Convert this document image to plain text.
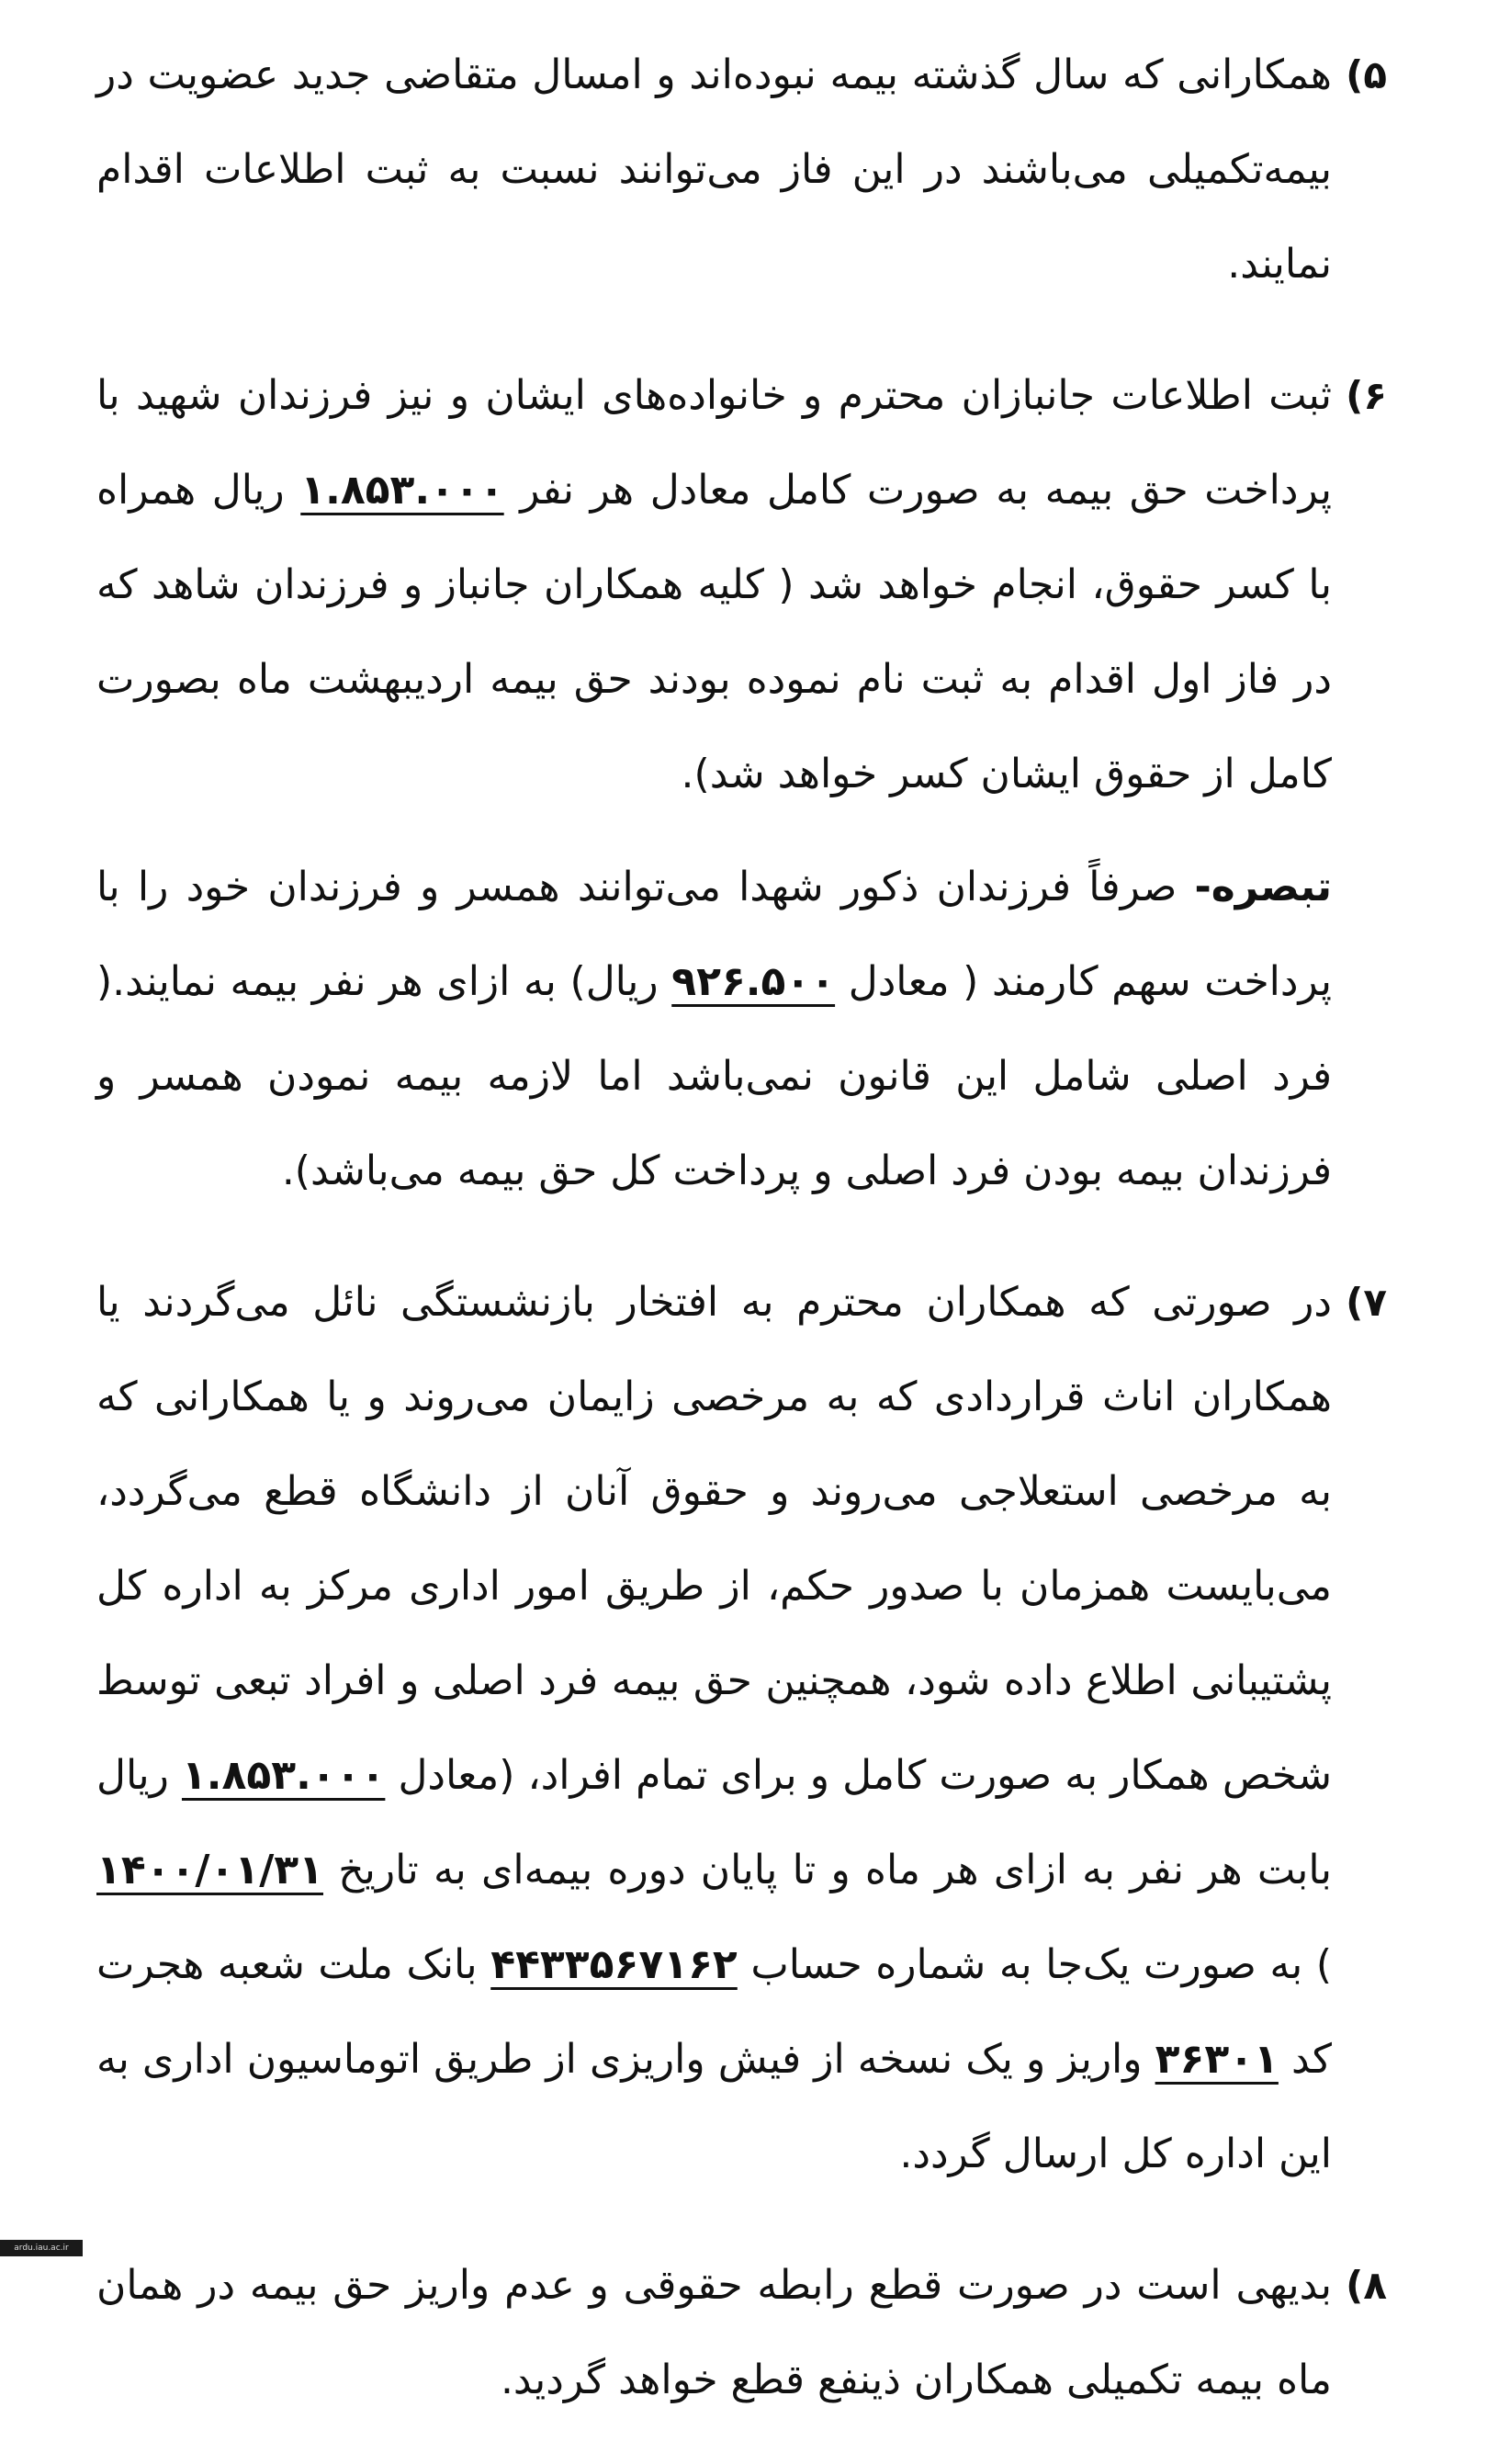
۵)

همکارانی که سال گذشته بیمه نبوده‌اند و امسال متقاضی جدید عضویت در بیمه‌تکمیلی می‌باشند در این فاز می‌توانند نسبت به ثبت اطلاعات اقدام نمایند.

۶)

ثبت اطلاعات جانبازان محترم و خانواده‌های ایشان و نیز فرزندان شهید با پرداخت حق بیمه به صورت کامل معادل هر نفر ۱.۸۵۳.۰۰۰ ریال همراه با کسر حقوق، انجام خواهد شد ( کلیه همکاران جانباز و فرزندان شاهد که در فاز اول اقدام به ثبت نام نموده بودند حق بیمه اردیبهشت ماه بصورت کامل از حقوق ایشان کسر خواهد شد).

تبصره- صرفاً فرزندان ذکور شهدا می‌توانند همسر و فرزندان خود را با پرداخت سهم کارمند ( معادل ۹۲۶.۵۰۰ ریال) به ازای هر نفر بیمه نمایند.( فرد اصلی شامل این قانون نمی‌باشد اما لازمه بیمه نمودن همسر و فرزندان بیمه بودن فرد اصلی و پرداخت کل حق بیمه می‌باشد).

۷)

در صورتی که همکاران محترم به افتخار بازنشستگی نائل می‌گردند یا همکاران اناث قراردادی که به مرخصی زایمان می‌روند و یا همکارانی که به مرخصی استعلاجی می‌روند و حقوق آنان از دانشگاه قطع می‌گردد، می‌بایست همزمان با صدور حکم، از طریق امور اداری مرکز به اداره کل پشتیبانی اطلاع داده شود، همچنین حق بیمه فرد اصلی و افراد تبعی توسط شخص همکار به صورت کامل و برای تمام افراد، (معادل ۱.۸۵۳.۰۰۰ ریال بابت هر نفر به ازای هر ماه و تا پایان دوره بیمه‌ای به تاریخ ۱۴۰۰/۰۱/۳۱ ) به صورت یک‌جا به شماره حساب ۴۴۳۳۵۶۷۱۶۲ بانک ملت شعبه هجرت کد ۳۶۳۰۱ واریز و یک نسخه از فیش واریزی از طریق اتوماسیون اداری به این اداره کل ارسال گردد.

۸)

بدیهی است در صورت قطع رابطه حقوقی و عدم واریز حق بیمه در همان ماه بیمه تکمیلی همکاران ذینفع قطع خواهد گردید.

ardu.iau.ac.ir
